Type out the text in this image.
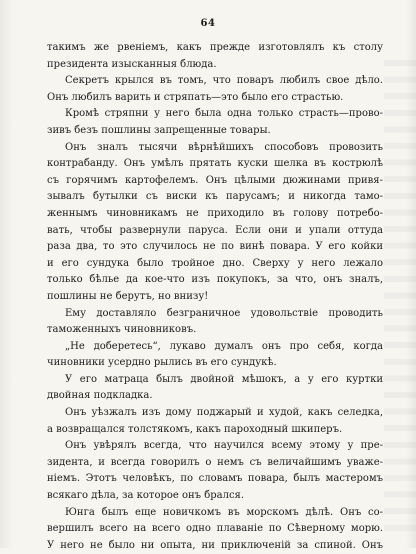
64
такимъ же рвеніемъ, какъ прежде изготовлялъ къ столу
президента изысканныя блюда.
Секретъ крылся въ томъ, что поваръ любилъ свое дѣло.
Онъ любилъ варить и стряпать—это было его страстью.
Кромѣ стряпни у него была одна только страсть—прово-
зивъ безъ пошлины запрещенные товары.
Онъ зналъ тысячи вѣрнѣйшихъ способовъ провозить
контрабанду. Онъ умѣлъ прятать куски шелка въ кострюлѣ
съ горячимъ картофелемъ. Онъ цѣлыми дюжинами привя-
зывалъ бутылки съ виски къ парусамъ; и никогда тамо-
женнымъ чиновникамъ не приходило въ голову потребо-
вать, чтобы развернули паруса. Если они и упали оттуда
раза два, то это случилось не по винѣ повара. У его койки
и его сундука было тройное дно. Сверху у него лежало
только бѣлье да кое-что изъ покупокъ, за что, онъ зналъ,
пошлины не берутъ, но внизу!
Ему доставляло безграничное удовольствіе проводить
таможенныхъ чиновниковъ.
„Не доберетесь“, лукаво думалъ онъ про себя, когда
чиновники усердно рылись въ его сундукѣ.
У его матраца былъ двойной мѣшокъ, а у его куртки
двойная подкладка.
Онъ уѣзжалъ изъ дому поджарый и худой, какъ селедка,
а возвращался толстякомъ, какъ пароходный шкиперъ.
Онъ увѣрялъ всегда, что научился всему этому у пре-
зидента, и всегда говорилъ о немъ съ величайшимъ уваже-
ніемъ. Этотъ человѣкъ, по словамъ повара, былъ мастеромъ
всякаго дѣла, за которое онъ брался.
Юнга былъ еще новичкомъ въ морскомъ дѣлѣ. Онъ со-
вершилъ всего на всего одно плаваніе по Сѣверному морю.
У него не было ни опыта, ни приключеній за спиной. Онъ
